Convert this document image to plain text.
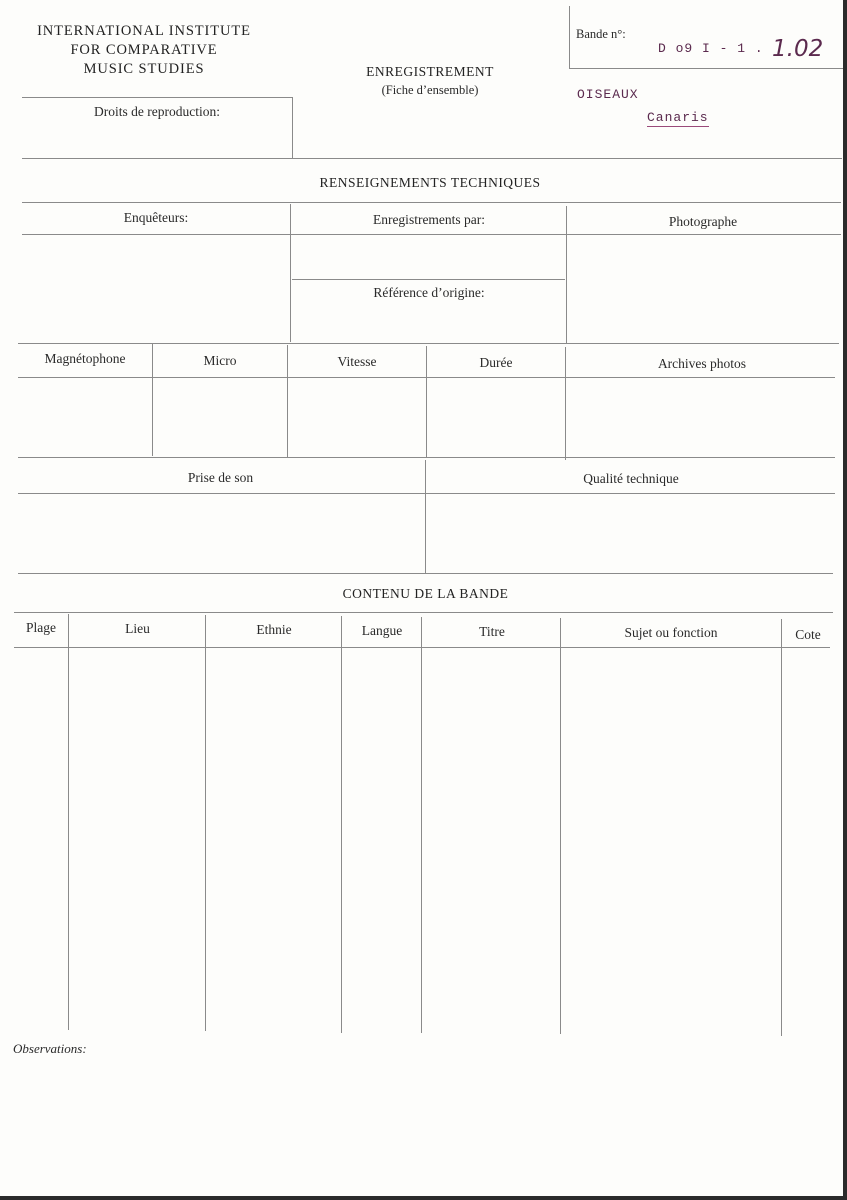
INTERNATIONAL INSTITUTE
FOR COMPARATIVE
MUSIC STUDIES	ENREGISTREMENT
(Fiche d’ensemble)
Bande n°:
D o9 I - 1 . 1.02
OISEAUX
Canaris
Droits de reproduction:
RENSEIGNEMENTS TECHNIQUES
Enquêteurs:	Enregistrements par:	Photographe
Référence d’origine:
Magnétophone	Micro	Vitesse	Durée	Archives photos
Prise de son	Qualité technique
CONTENU DE LA BANDE
Plage	Lieu	Ethnie	Langue	Titre	Sujet ou fonction	Cote
Observations:
